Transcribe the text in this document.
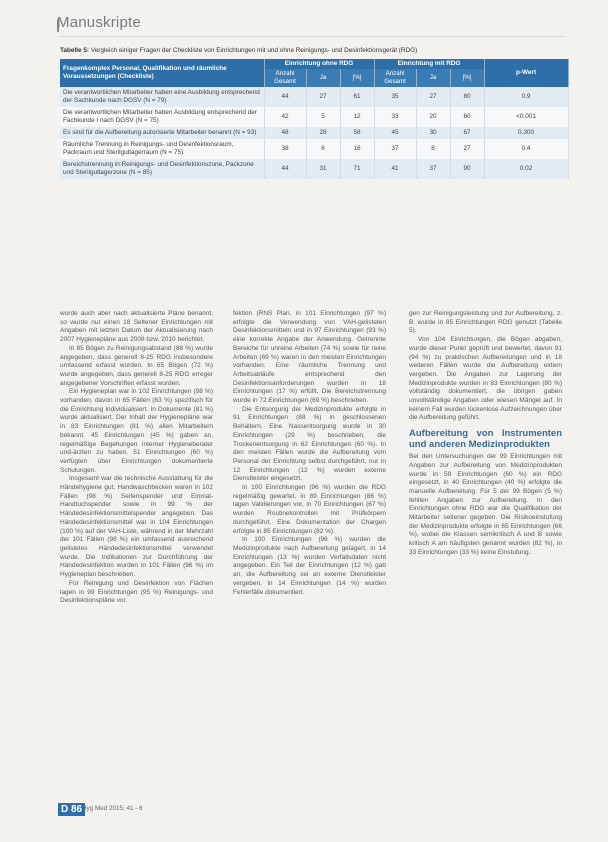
Manuskripte
Tabelle 5: Vergleich einiger Fragen der Checkliste von Einrichtungen mit und ohne Reinigungs- und Desinfektionsgerät (RDG)
Fragenkomplex Personal, Qualifikation und räumliche Voraussetzungen (Checkliste)	Einrichtung ohne RDG			Einrichtung mit RDG			p-Wert
	Anzahl Gesamt	Ja	[%]	Anzahl Gesamt	Ja	[%]	
Die verantwortlichen Mitarbeiter haben eine Ausbildung entsprechend der Sachkunde nach DGSV (N = 79)	44	27	61	35	27	80	0.9
Die verantwortlichen Mitarbeiter haben Ausbildung entsprechend der Fachkunde I nach DGSV (N = 75)	42	5	12	33	20	60	<0.001
Es sind für die Aufbereitung autorisierte Mitarbeiter benannt (N = 93)	48	28	58	45	30	67	0.300
Räumliche Trennung in Reinigungs- und Desinfektionsraum, Packraum und Sterilgutlagerraum (N = 75)	38	6	16	37	8	27	0.4
Bereichstrennung in Reinigungs- und Desinfektionszone, Packzone und Sterilgutlagerzone (N = 85)	44	31	71	41	37	90	0.02

wurde auch aber nach aktualisierte Pläne benannt, so wurde nur einen 18 Seltener Einrichtungen mit Angaben mit letzten Datum der Aktualisierung nach 2007 Hygienepläne aus 2008 bzw. 2010 berichtet.

In 85 Bögen zu Reinigungsabstand (88 %) wurde angegeben, dass generell 8-25 RDG insbesondere umfassend erfasst wurden. In 65 Bögen (72 %) wurde angegeben, dass generell 8-25 RDG erreger angegebener Vorschriften erfasst wurden.

Ein Hygieneplan war in 102 Einrichtungen (98 %) vorhanden, davon in 65 Fällen (63 %) spezifisch für die Einrichtung individualisiert. In Dokumente (81 %) wurde aktualisiert. Der Inhalt der Hygienepläne war in 83 Einrichtungen (81 %) allen Mitarbeitern bekannt. 45 Einrichtungen (45 %) gaben an, regelmäßige Begehungen interner Hygieneberater und-ärzten zu haben. 51 Einrichtungen (60 %) verfügten über Einrichtungen dokumentierte Schulungen.

Insgesamt war die technische Ausstattung für die Händehygiene gut, Handwaschbecken waren in 102 Fällen (98 %) Seifenspender und Einmal-Handtuchspender sowie in 99 % der Händedesinfektionsmittelspender angegeben. Das Händedesinfektionsmittel war in 104 Einrichtungen (100 %) auf der VAH-Liste, während in der Mehrzahl der 101 Fällen (98 %) ein umfassend ausreichend gelistetes Händedesinfektionsmittel verwendet wurde. Die Indikationen zur Durchführung der Händedesinfektion wurden in 101 Fällen (96 %) im Hygieneplan beschrieben.

Für Reinigung und Desinfektion von Flächen lagen in 99 Einrichtungen (95 %) Reinigungs- und Desinfektionspläne vor.

fektion (RNS Plan, in 101 Einrichtungen (97 %) erfolgte die Verwendung von VAH-gelisteten Desinfektionsmitteln und in 97 Einrichtungen (93 %) eine korrekte Angabe der Anwendung. Getrennte Bereiche für unreine Arbeiten (74 %) sowie für reine Arbeiten (69 %) waren in den meisten Einrichtungen vorhanden. Eine räumliche Trennung und Arbeitsabläufe entsprechend den Desinfektionsanforderungen wurden in 18 Einrichtungen (17 %) erfüllt. Die Bereichstrennung wurde in 72 Einrichtungen (69 %) beschrieben.

Die Entsorgung der Medizinprodukte erfolgte in 91 Einrichtungen (88 %) in geschlossenen Behältern. Eine Nassentsorgung wurde in 30 Einrichtungen (29 %) beschrieben, die Trockenentsorgung in 62 Einrichtungen (60 %). In den meisten Fällen wurde die Aufbereitung vom Personal der Einrichtung selbst durchgeführt, nur in 12 Einrichtungen (12 %) wurden externe Dienstleister eingesetzt.

In 100 Einrichtungen (96 %) wurden die RDG regelmäßig gewartet, in 89 Einrichtungen (86 %) lagen Validierungen vor, in 70 Einrichtungen (67 %) wurden Routinekontrollen mit Prüfkörpern durchgeführt. Eine Dokumentation der Chargen erfolgte in 85 Einrichtungen (82 %).

In 100 Einrichtungen (96 %) wurden die Medizinprodukte nach Aufbereitung gelagert, in 14 Einrichtungen (13 %) wurden Verfallsdaten nicht angegeben. Ein Teil der Einrichtungen (12 %) gab an, die Aufbereitung sei an externe Dienstleister vergeben, in 14 Einrichtungen (14 %) wurden Fehlerfälle dokumentiert.

gen zur Reinigungsleistung und zur Aufbereitung, z. B. wurde in 85 Einrichtungen RDG genutzt (Tabelle 5).

Von 104 Einrichtungen, die Bögen abgaben, wurde dieser Punkt geprüft und bewertet, davon 91 (94 %) zu praktischen Aufbereitungen und in 18 weiteren Fällen wurde die Aufbereitung extern vergeben. Die Angaben zur Lagerung der Medizinprodukte wurden in 83 Einrichtungen (80 %) vollständig dokumentiert, die übrigen gaben unvollständige Angaben oder wiesen Mängel auf. In keinem Fall wurden lückenlose Aufzeichnungen über die Aufbereitung geführt.

Aufbereitung von Instrumenten und anderen Medizinprodukten

Bei den Untersuchungen der 99 Einrichtungen mit Angaben zur Aufbereitung von Medizinprodukten wurde in 59 Einrichtungen (60 %) ein RDG eingesetzt, in 40 Einrichtungen (40 %) erfolgte die manuelle Aufbereitung. Für 5 der 99 Bögen (5 %) fehlten Angaben zur Aufbereitung. In den Einrichtungen ohne RDG war die Qualifikation der Mitarbeiter seltener gegeben. Die Risikoeinstufung der Medizinprodukte erfolgte in 65 Einrichtungen (66 %), wobei die Klassen semikritisch A und B sowie kritisch A am häufigsten genannt wurden (82 %), in 33 Einrichtungen (33 %) keine Einstufung.

D 86 Hyg Med 2015; 41 - 6
